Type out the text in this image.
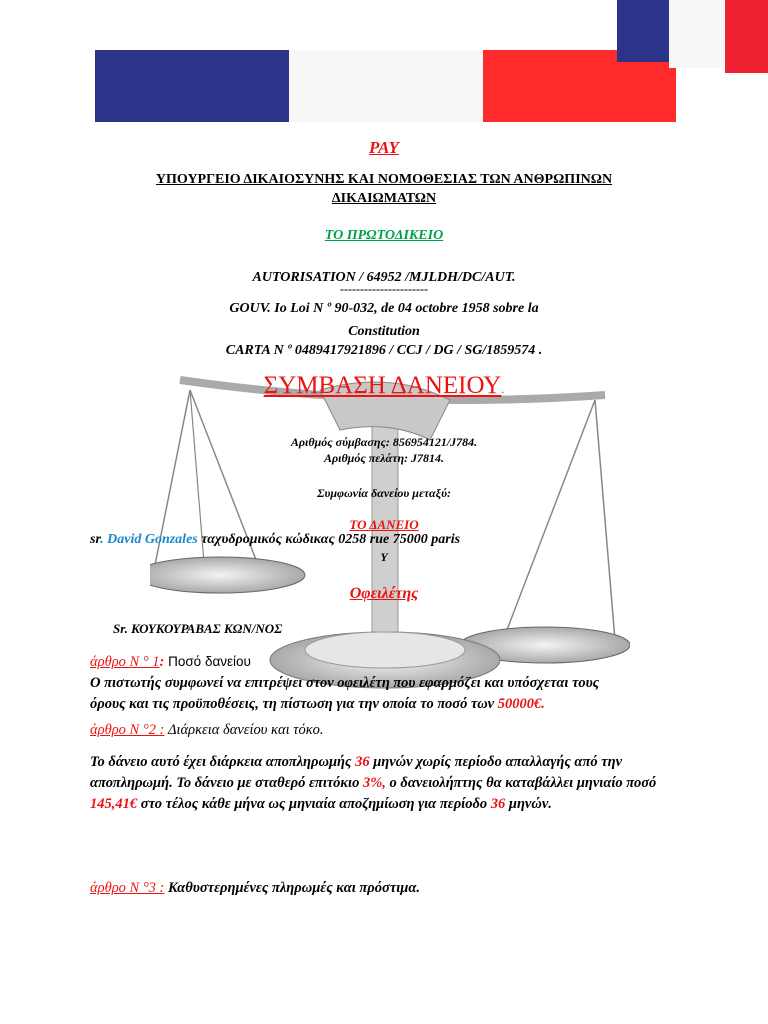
PAY
ΥΠΟΥΡΓΕΙΟ ΔΙΚΑΙΟΣΥΝΗΣ ΚΑΙ ΝΟΜΟΘΕΣΙΑΣ ΤΩΝ ΑΝΘΡΩΠΙΝΩΝ
ΔΙΚΑΙΩΜΑΤΩΝ
ΤΟ ΠΡΩΤΟΔΙΚΕΙΟ
AUTORISATION / 64952 /MJLDH/DC/AUT.
----------------------
GOUV. Io Loi N º 90-032, de 04 octobre 1958 sobre la
Constitution
CARTA N º 0489417921896 / CCJ / DG / SG/1859574 .
ΣΥΜΒΑΣΗ ΔΑΝΕΙΟΥ.
Αριθμός σύμβασης: 856954121/J784.
Αριθμός πελάτη: J7814.
Συμφωνία δανείου μεταξύ:
ΤΟ ΔΑΝΕΙΟ
sr. David Gonzales ταχυδρομικός κώδικας 0258 rue 75000 paris
Y
Οφειλέτης
Sr. ΚΟΥΚΟΥΡΑΒΑΣ ΚΩΝ/ΝΟΣ
άρθρο N ° 1: Ποσό δανείου
Ο πιστωτής συμφωνεί να επιτρέψει στον οφειλέτη που εφαρμόζει και υπόσχεται τους
όρους και τις προϋποθέσεις, τη πίστωση για την οποία το ποσό των 50000€.
άρθρο N °2 : Διάρκεια δανείου και τόκο.
Το δάνειο αυτό έχει διάρκεια αποπληρωμής 36 μηνών χωρίς περίοδο απαλλαγής από την αποπληρωμή. Το δάνειο με σταθερό επιτόκιο 3%, ο δανειολήπτης θα καταβάλλει μηνιαίο ποσό 145,41€ στο τέλος κάθε μήνα ως μηνιαία αποζημίωση για περίοδο 36 μηνών.
άρθρο N °3 : Καθυστερημένες πληρωμές και πρόστιμα.
